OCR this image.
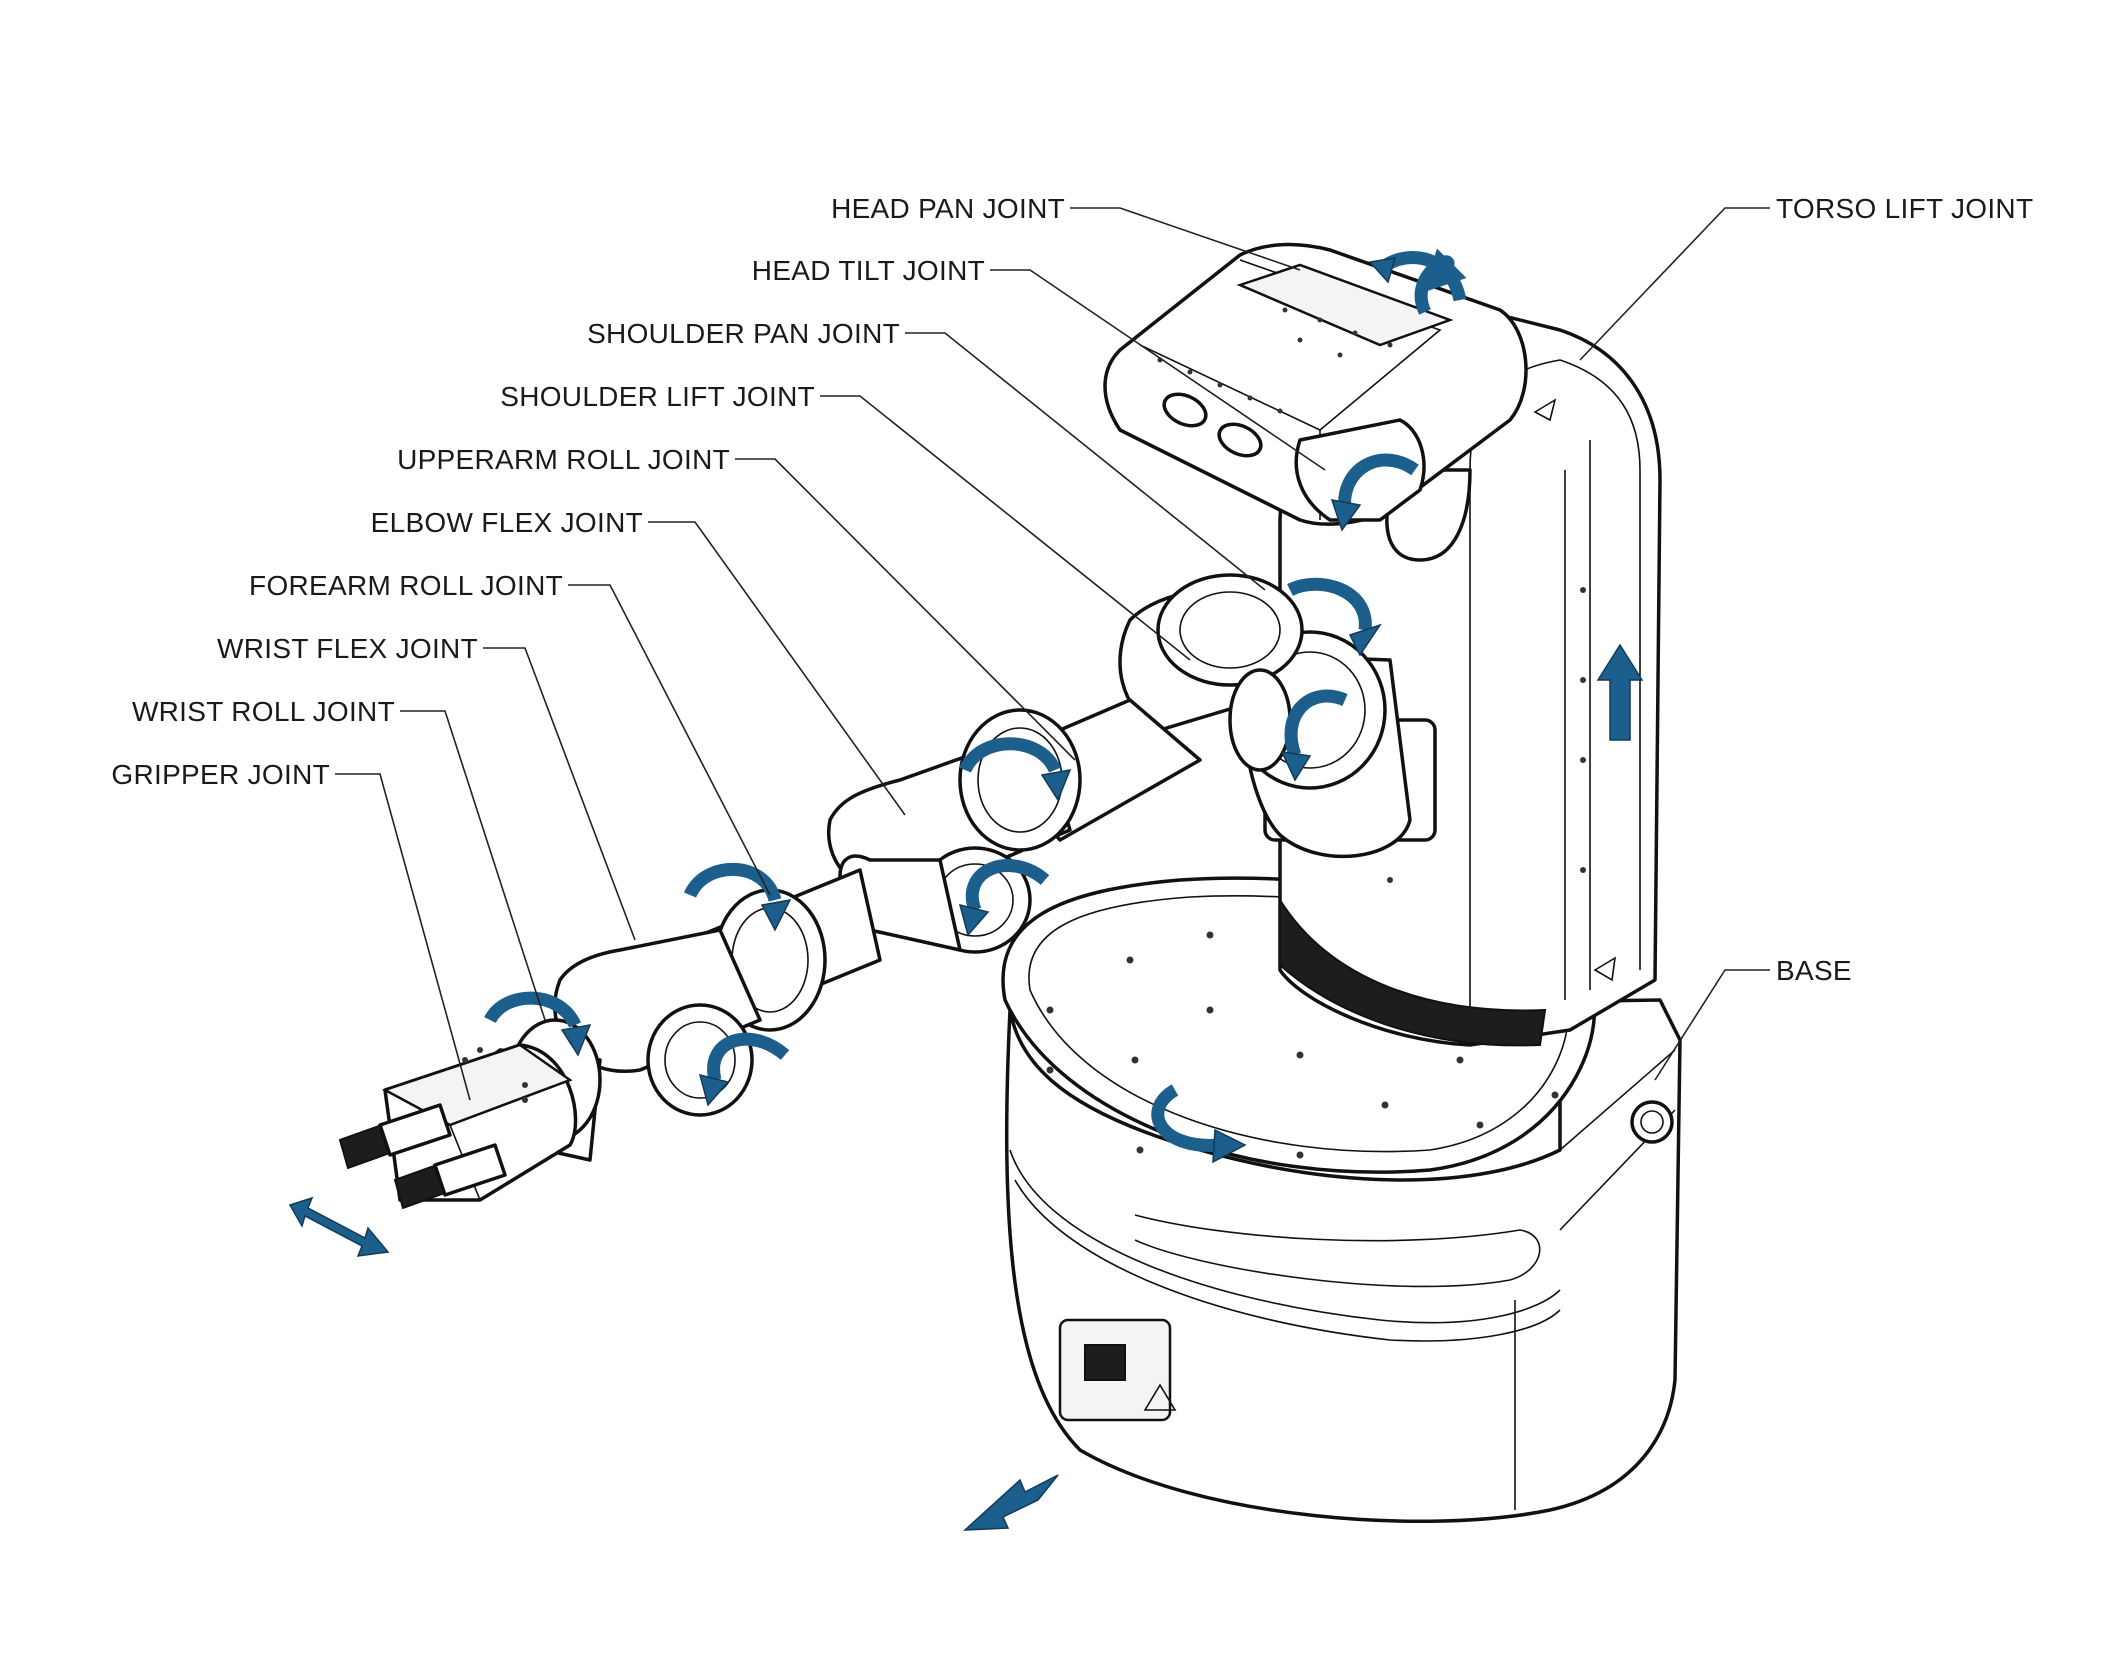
HEAD PAN JOINT
HEAD TILT JOINT
SHOULDER PAN JOINT
SHOULDER LIFT JOINT
UPPERARM ROLL JOINT
ELBOW FLEX JOINT
FOREARM ROLL JOINT
WRIST FLEX JOINT
WRIST ROLL JOINT
GRIPPER JOINT
TORSO LIFT JOINT
BASE
